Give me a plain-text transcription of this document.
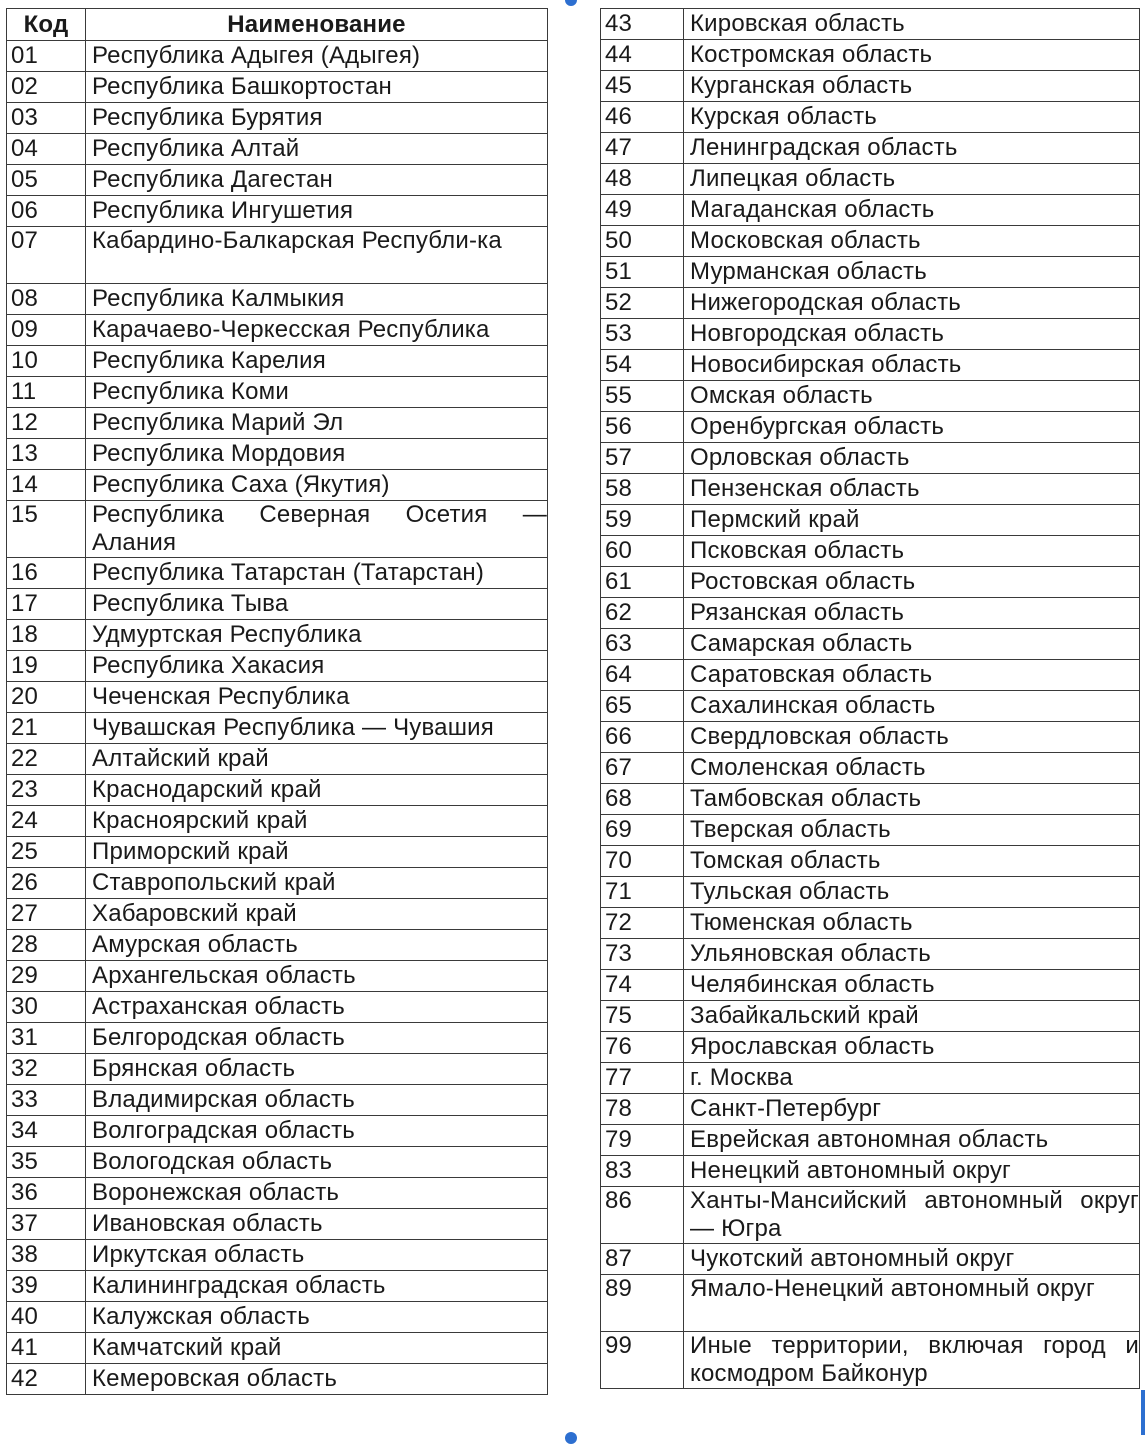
Код	Наименование
01	Республика Адыгея (Адыгея)
02	Республика Башкортостан
03	Республика Бурятия
04	Республика Алтай
05	Республика Дагестан
06	Республика Ингушетия
07	Кабардино-Балкарская Республи-ка
08	Республика Калмыкия
09	Карачаево-Черкесская Республика
10	Республика Карелия
11	Республика Коми
12	Республика Марий Эл
13	Республика Мордовия
14	Республика Саха (Якутия)
15	Республика Северная Осетия — Алания
16	Республика Татарстан (Татарстан)
17	Республика Тыва
18	Удмуртская Республика
19	Республика Хакасия
20	Чеченская Республика
21	Чувашская Республика — Чувашия
22	Алтайский край
23	Краснодарский край
24	Красноярский край
25	Приморский край
26	Ставропольский край
27	Хабаровский край
28	Амурская область
29	Архангельская область
30	Астраханская область
31	Белгородская область
32	Брянская область
33	Владимирская область
34	Волгоградская область
35	Вологодская область
36	Воронежская область
37	Ивановская область
38	Иркутская область
39	Калининградская область
40	Калужская область
41	Камчатский край
42	Кемеровская область
43	Кировская область
44	Костромская область
45	Курганская область
46	Курская область
47	Ленинградская область
48	Липецкая область
49	Магаданская область
50	Московская область
51	Мурманская область
52	Нижегородская область
53	Новгородская область
54	Новосибирская область
55	Омская область
56	Оренбургская область
57	Орловская область
58	Пензенская область
59	Пермский край
60	Псковская область
61	Ростовская область
62	Рязанская область
63	Самарская область
64	Саратовская область
65	Сахалинская область
66	Свердловская область
67	Смоленская область
68	Тамбовская область
69	Тверская область
70	Томская область
71	Тульская область
72	Тюменская область
73	Ульяновская область
74	Челябинская область
75	Забайкальский край
76	Ярославская область
77	г. Москва
78	Санкт-Петербург
79	Еврейская автономная область
83	Ненецкий автономный округ
86	Ханты-Мансийский автономный округ — Югра
87	Чукотский автономный округ
89	Ямало-Ненецкий автономный округ
99	Иные территории, включая город и космодром Байконур
